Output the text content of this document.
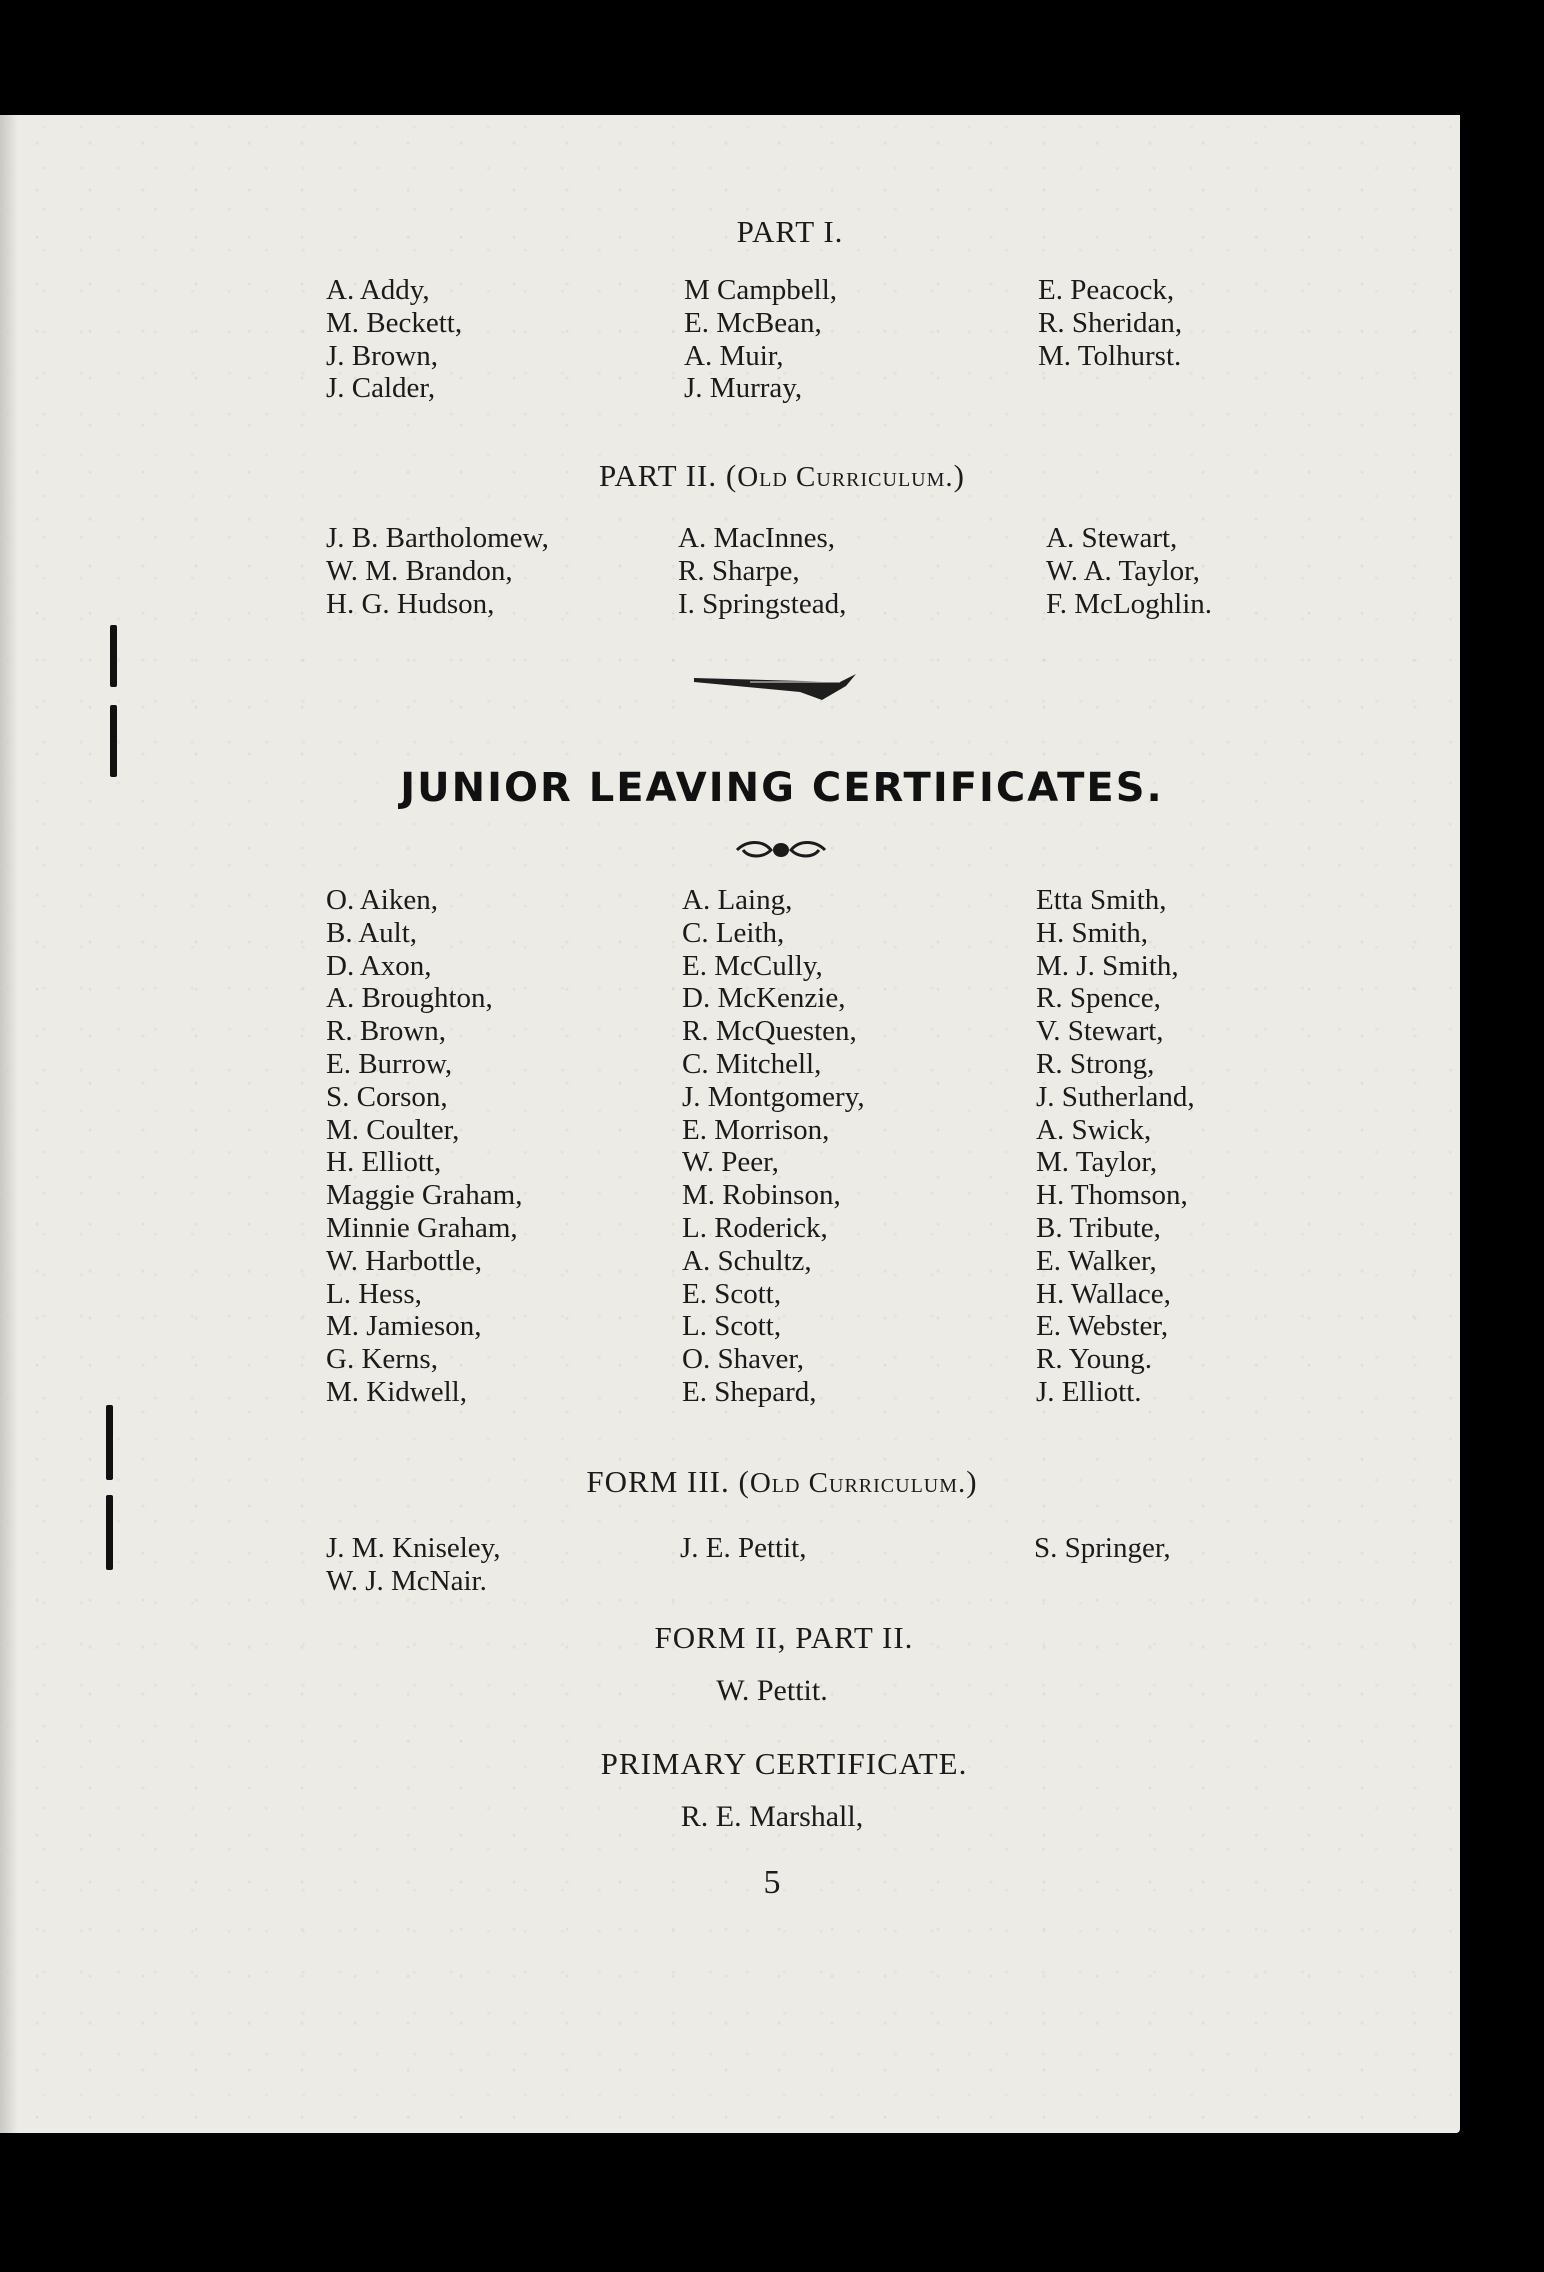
PART I.
A. Addy,
M. Beckett,
J. Brown,
J. Calder,
M Campbell,
E. McBean,
A. Muir,
J. Murray,
E. Peacock,
R. Sheridan,
M. Tolhurst.
PART II. (Old Curriculum.)
J. B. Bartholomew,
W. M. Brandon,
H. G. Hudson,
A. MacInnes,
R. Sharpe,
I. Springstead,
A. Stewart,
W. A. Taylor,
F. McLoghlin.
JUNIOR LEAVING CERTIFICATES.
O. Aiken,
B. Ault,
D. Axon,
A. Broughton,
R. Brown,
E. Burrow,
S. Corson,
M. Coulter,
H. Elliott,
Maggie Graham,
Minnie Graham,
W. Harbottle,
L. Hess,
M. Jamieson,
G. Kerns,
M. Kidwell,
A. Laing,
C. Leith,
E. McCully,
D. McKenzie,
R. McQuesten,
C. Mitchell,
J. Montgomery,
E. Morrison,
W. Peer,
M. Robinson,
L. Roderick,
A. Schultz,
E. Scott,
L. Scott,
O. Shaver,
E. Shepard,
Etta Smith,
H. Smith,
M. J. Smith,
R. Spence,
V. Stewart,
R. Strong,
J. Sutherland,
A. Swick,
M. Taylor,
H. Thomson,
B. Tribute,
E. Walker,
H. Wallace,
E. Webster,
R. Young.
J. Elliott.
FORM III. (Old Curriculum.)
J. M. Kniseley,
W. J. McNair.
J. E. Pettit,	S. Springer,
FORM II, PART II.
W. Pettit.
PRIMARY CERTIFICATE.
R. E. Marshall,
5
